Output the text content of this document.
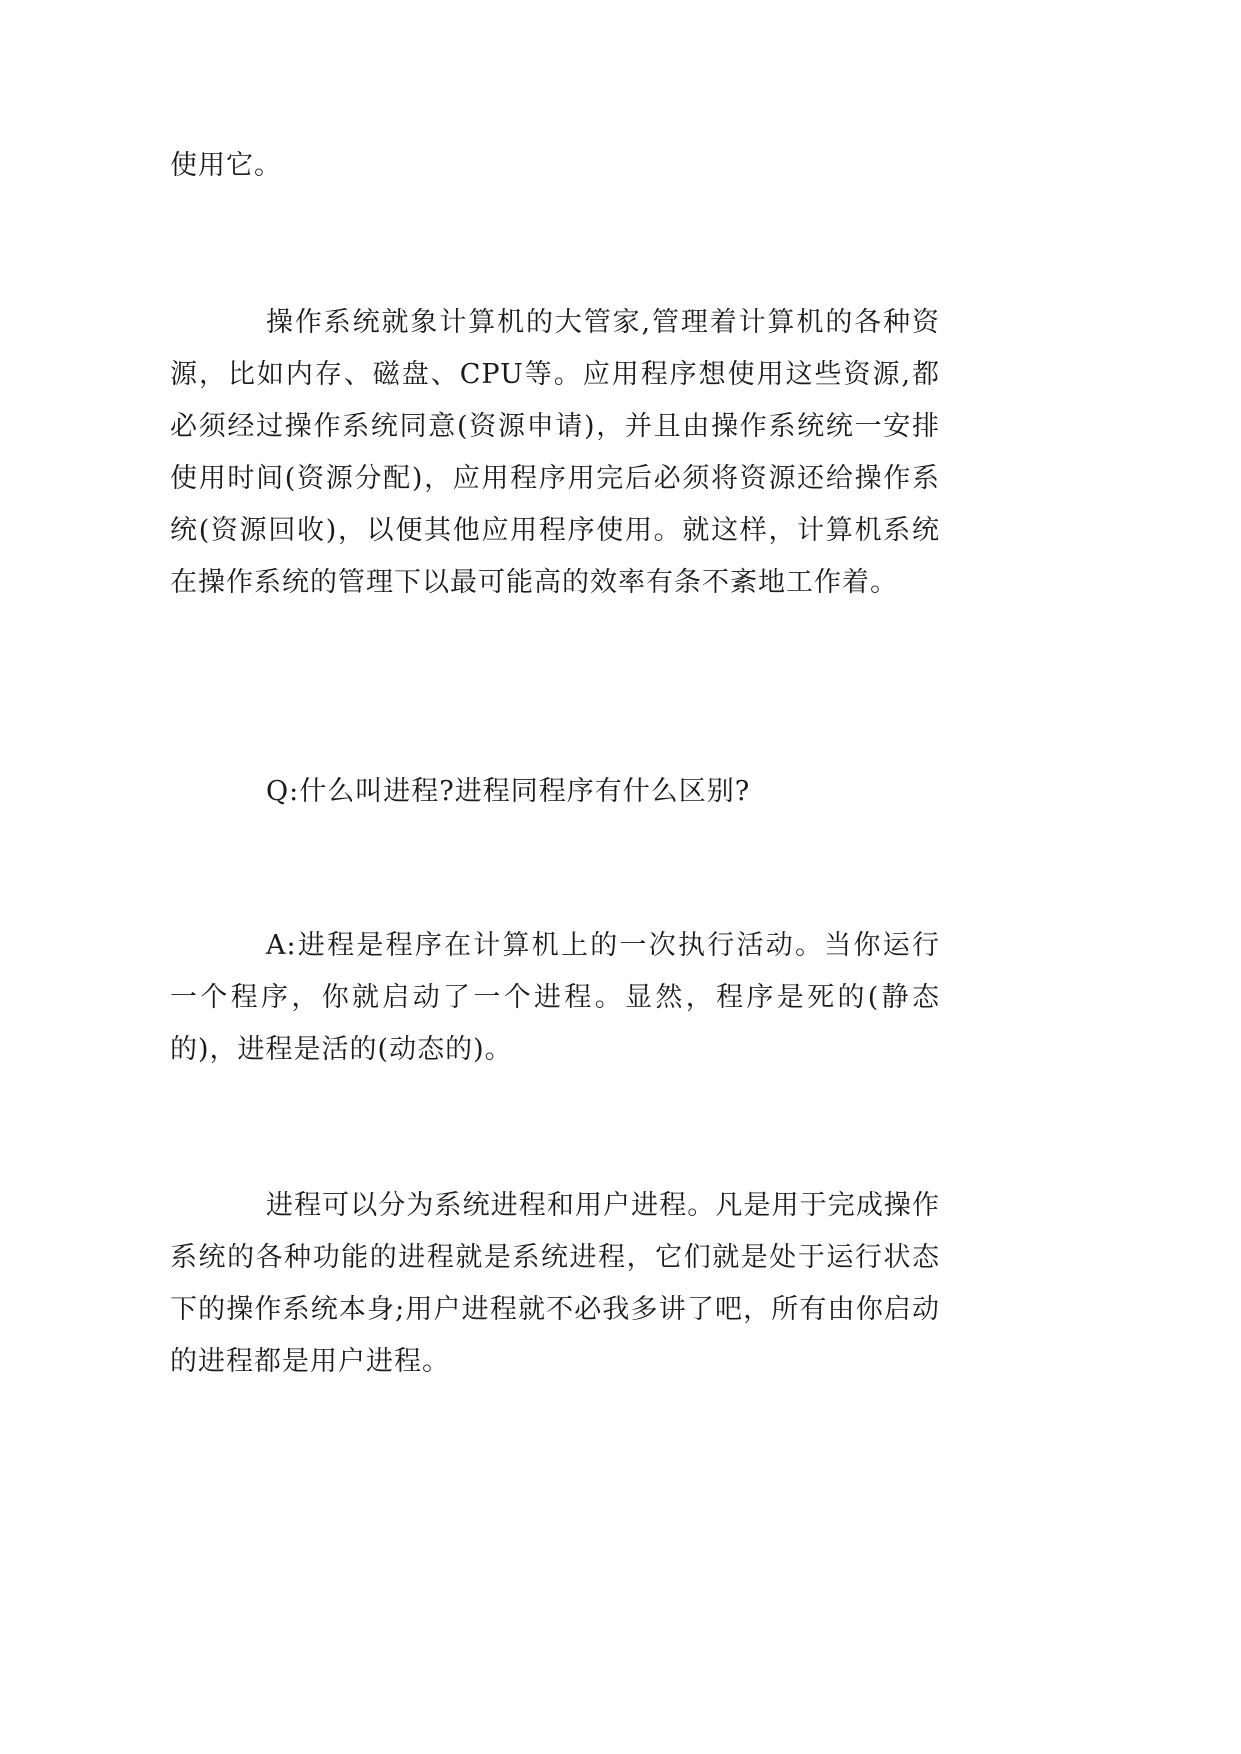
使用它。

操作系统就象计算机的大管家,管理着计算机的各种资源，比如内存、磁盘、CPU等。应用程序想使用这些资源,都必须经过操作系统同意(资源申请)，并且由操作系统统一安排使用时间(资源分配)，应用程序用完后必须将资源还给操作系统(资源回收)，以便其他应用程序使用。就这样，计算机系统在操作系统的管理下以最可能高的效率有条不紊地工作着。

Q:什么叫进程?进程同程序有什么区别?

A:进程是程序在计算机上的一次执行活动。当你运行一个程序，你就启动了一个进程。显然，程序是死的(静态的)，进程是活的(动态的)。

进程可以分为系统进程和用户进程。凡是用于完成操作系统的各种功能的进程就是系统进程，它们就是处于运行状态下的操作系统本身;用户进程就不必我多讲了吧，所有由你启动的进程都是用户进程。
